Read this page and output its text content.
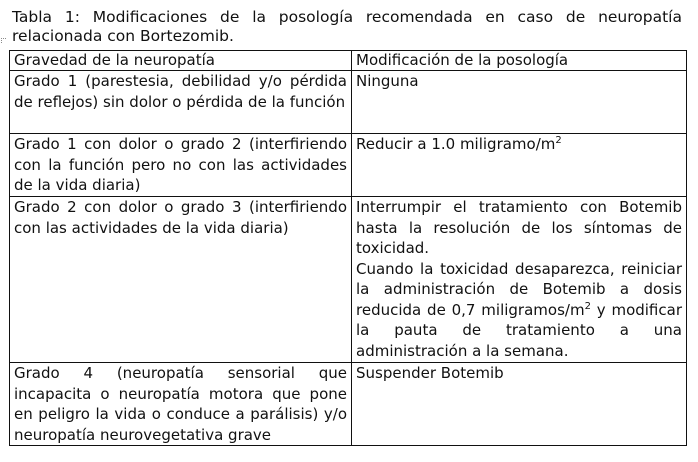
Tabla 1: Modificaciones de la posología recomendada en caso de neuropatía
relacionada con Bortezomib.
Gravedad de la neuropatía	Modificación de la posología
Grado 1 (parestesia, debilidad y/o pérdida de reflejos) sin dolor o pérdida de la función	Ninguna
Grado 1 con dolor o grado 2 (interfiriendo con la función pero no con las actividades de la vida diaria)	Reducir a 1.0 miligramo/$m^2$
Grado 2 con dolor o grado 3 (interfiriendo con las actividades de la vida diaria)	Interrumpir el tratamiento con Botemib hasta la resolución de los síntomas de toxicidad.
Cuando la toxicidad desaparezca, reiniciar la administración de Botemib a dosis reducida de 0,7 miligramos/$m^2$ y modificar la pauta de tratamiento a una administración a la semana.

Grado 4 (neuropatía sensorial que incapacita o neuropatía motora que pone en peligro la vida o conduce a parálisis) y/o neuropatía neurovegetativa grave	Suspender Botemib
